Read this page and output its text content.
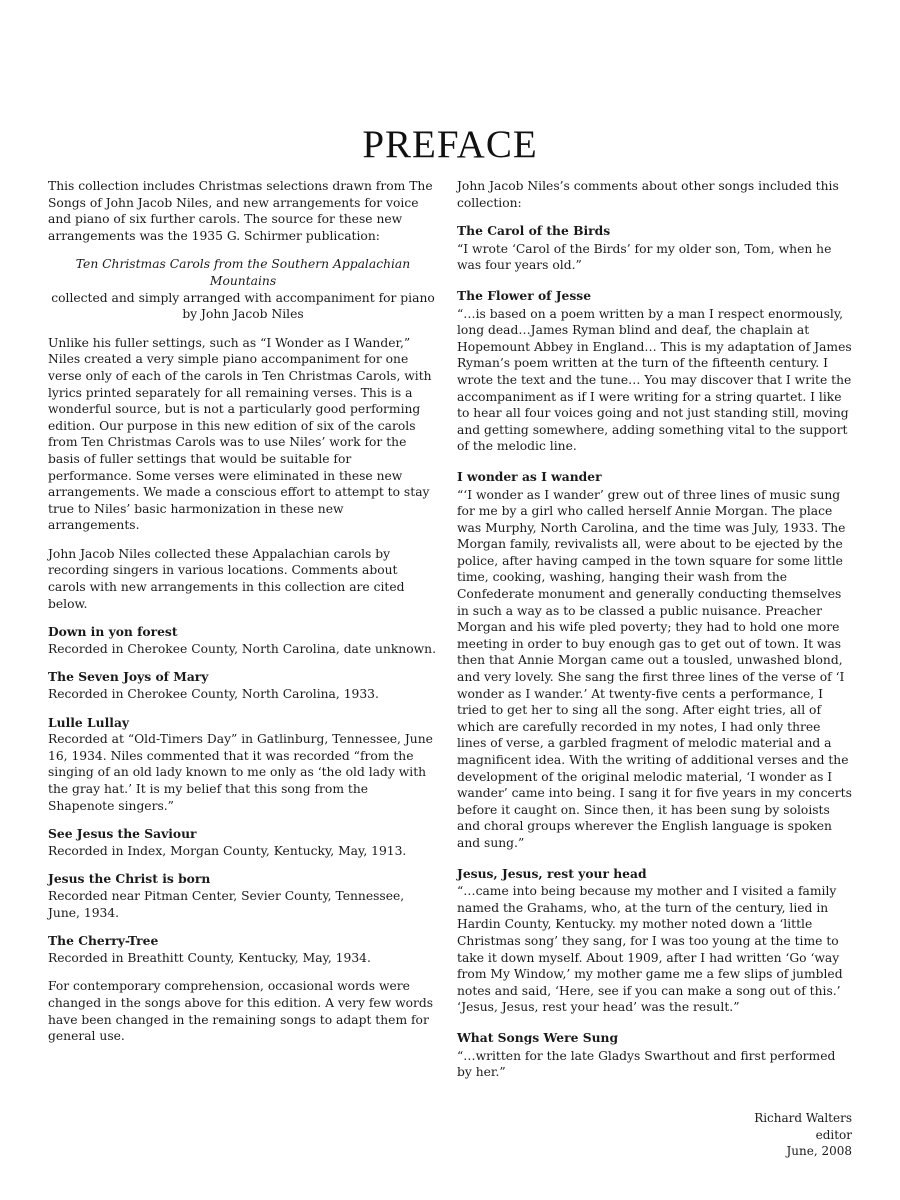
PREFACE

This collection includes Christmas selections drawn from The Songs of John Jacob Niles, and new arrangements for voice and piano of six further carols. The source for these new arrangements was the 1935 G. Schirmer publication:

Ten Christmas Carols from the Southern Appalachian Mountains
collected and simply arranged with accompaniment for piano
by John Jacob Niles

Unlike his fuller settings, such as “I Wonder as I Wander,” Niles created a very simple piano accompaniment for one verse only of each of the carols in Ten Christmas Carols, with lyrics printed separately for all remaining verses. This is a wonderful source, but is not a particularly good performing edition. Our purpose in this new edition of six of the carols from Ten Christmas Carols was to use Niles’ work for the basis of fuller settings that would be suitable for performance. Some verses were eliminated in these new arrangements. We made a conscious effort to attempt to stay true to Niles’ basic harmonization in these new arrangements.

John Jacob Niles collected these Appalachian carols by recording singers in various locations. Comments about carols with new arrangements in this collection are cited below.

Down in yon forest
Recorded in Cherokee County, North Carolina, date unknown.
The Seven Joys of Mary
Recorded in Cherokee County, North Carolina, 1933.
Lulle Lullay
Recorded at “Old-Timers Day” in Gatlinburg, Tennessee, June 16, 1934. Niles commented that it was recorded “from the singing of an old lady known to me only as ‘the old lady with the gray hat.’ It is my belief that this song from the Shapenote singers.”
See Jesus the Saviour
Recorded in Index, Morgan County, Kentucky, May, 1913.
Jesus the Christ is born
Recorded near Pitman Center, Sevier County, Tennessee, June, 1934.
The Cherry-Tree
Recorded in Breathitt County, Kentucky, May, 1934.

For contemporary comprehension, occasional words were changed in the songs above for this edition. A very few words have been changed in the remaining songs to adapt them for general use.

John Jacob Niles’s comments about other songs included this collection:

The Carol of the Birds
“I wrote ‘Carol of the Birds’ for my older son, Tom, when he was four years old.”
The Flower of Jesse
“…is based on a poem written by a man I respect enormously, long dead…James Ryman blind and deaf, the chaplain at Hopemount Abbey in England… This is my adaptation of James Ryman’s poem written at the turn of the fifteenth century. I wrote the text and the tune… You may discover that I write the accompaniment as if I were writing for a string quartet. I like to hear all four voices going and not just standing still, moving and getting somewhere, adding something vital to the support of the melodic line.
I wonder as I wander
“‘I wonder as I wander’ grew out of three lines of music sung for me by a girl who called herself Annie Morgan. The place was Murphy, North Carolina, and the time was July, 1933. The Morgan family, revivalists all, were about to be ejected by the police, after having camped in the town square for some little time, cooking, washing, hanging their wash from the Confederate monument and generally conducting themselves in such a way as to be classed a public nuisance. Preacher Morgan and his wife pled poverty; they had to hold one more meeting in order to buy enough gas to get out of town. It was then that Annie Morgan came out a tousled, unwashed blond, and very lovely. She sang the first three lines of the verse of ‘I wonder as I wander.’ At twenty-five cents a performance, I tried to get her to sing all the song. After eight tries, all of which are carefully recorded in my notes, I had only three lines of verse, a garbled fragment of melodic material and a magnificent idea. With the writing of additional verses and the development of the original melodic material, ‘I wonder as I wander’ came into being. I sang it for five years in my concerts before it caught on. Since then, it has been sung by soloists and choral groups wherever the English language is spoken and sung.”
Jesus, Jesus, rest your head
“…came into being because my mother and I visited a family named the Grahams, who, at the turn of the century, lied in Hardin County, Kentucky. my mother noted down a ‘little Christmas song’ they sang, for I was too young at the time to take it down myself. About 1909, after I had written ‘Go ‘way from My Window,’ my mother game me a few slips of jumbled notes and said, ‘Here, see if you can make a song out of this.’ ‘Jesus, Jesus, rest your head’ was the result.”
What Songs Were Sung
“…written for the late Gladys Swarthout and first performed by her.”
Richard Walters
editor
June, 2008
